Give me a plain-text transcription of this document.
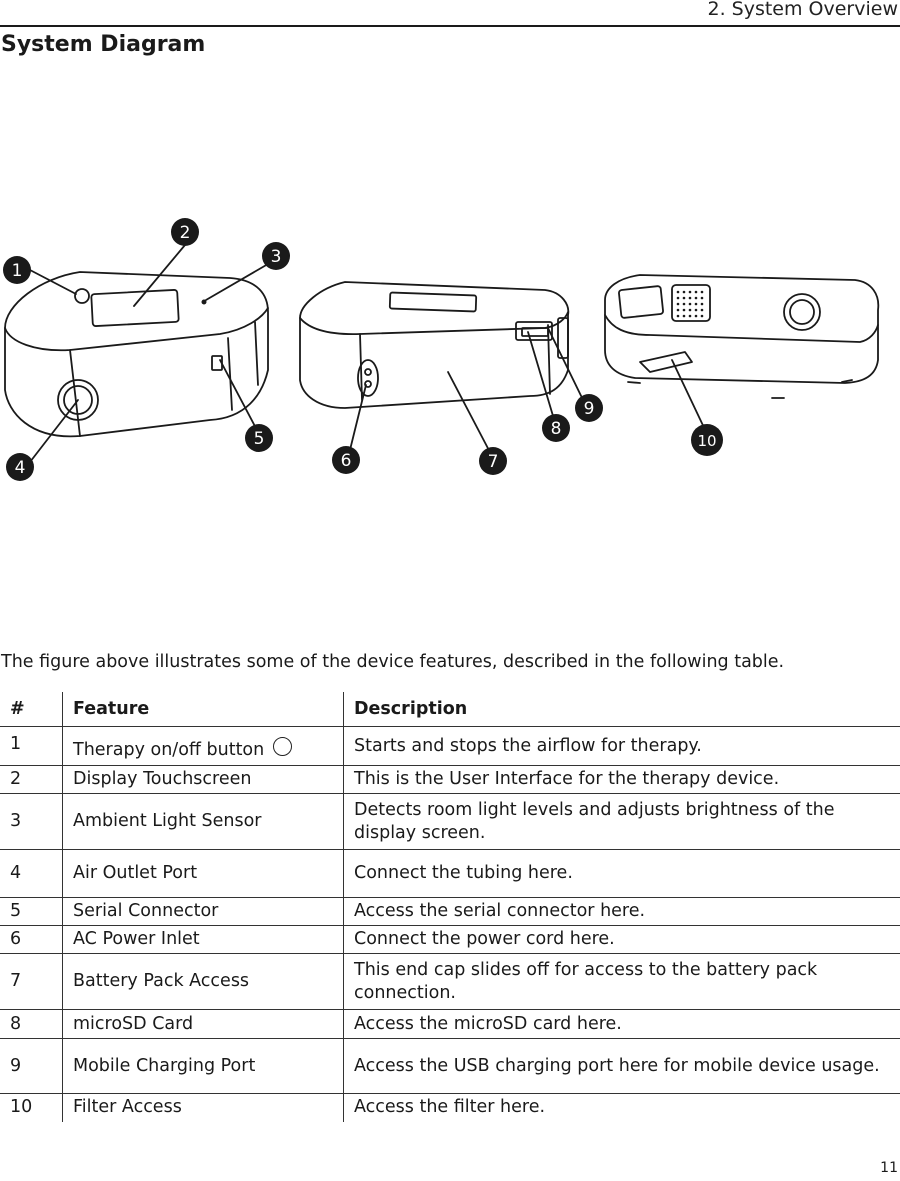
2. System Overview
System Diagram
1
2
3
4
5
6	7
8
9
10
The figure above illustrates some of the device features, described in the following table.
#	Feature	Description
1	Therapy on/off button	Starts and stops the airflow for therapy.
2	Display Touchscreen	This is the User Interface for the therapy device.
3	Ambient Light Sensor	Detects room light levels and adjusts brightness of the display screen.
4	Air Outlet Port	Connect the tubing here.
5	Serial Connector	Access the serial connector here.
6	AC Power Inlet	Connect the power cord here.
7	Battery Pack Access	This end cap slides off for access to the battery pack connection.
8	microSD Card	Access the microSD card here.
9	Mobile Charging Port	Access the USB charging port here for mobile device usage.
10	Filter Access	Access the filter here.
11
